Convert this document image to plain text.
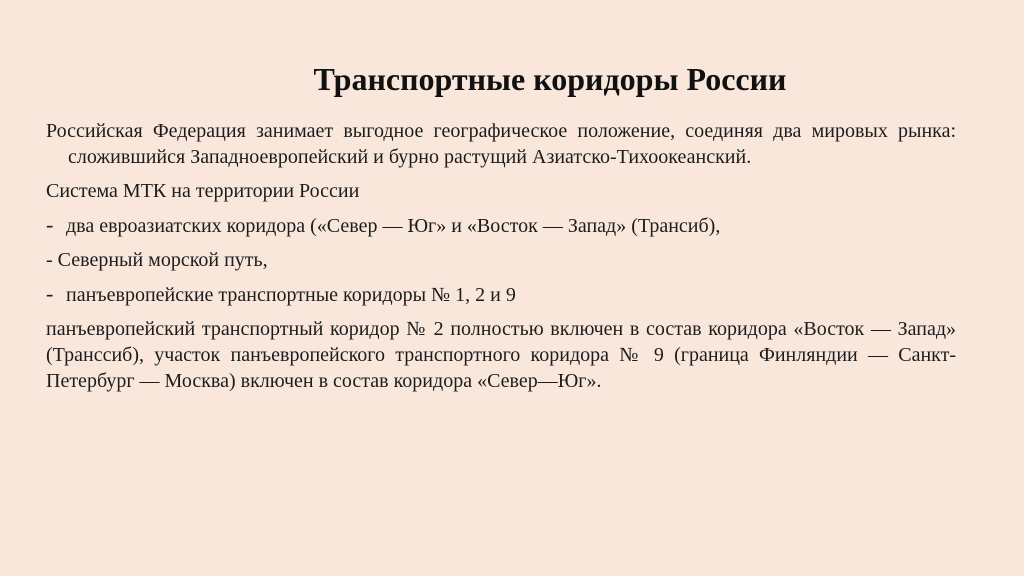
Транспортные коридоры России

Российская Федерация занимает выгодное географическое положение, соединяя два мировых рынка: сложившийся Западноевропейский и бурно растущий Азиатско-Тихоокеанский.

Система МТК на территории России

- два евроазиатских коридора («Север — Юг» и «Восток — Запад» (Трансиб),

- Северный морской путь,

- панъевропейские транспортные коридоры № 1, 2 и 9

панъевропейский транспортный коридор № 2 полностью включен в состав коридора «Восток — Запад» (Транссиб), участок панъевропейского транспортного коридора № 9 (граница Финляндии — Санкт- Петербург — Москва) включен в состав коридора «Север—Юг».
